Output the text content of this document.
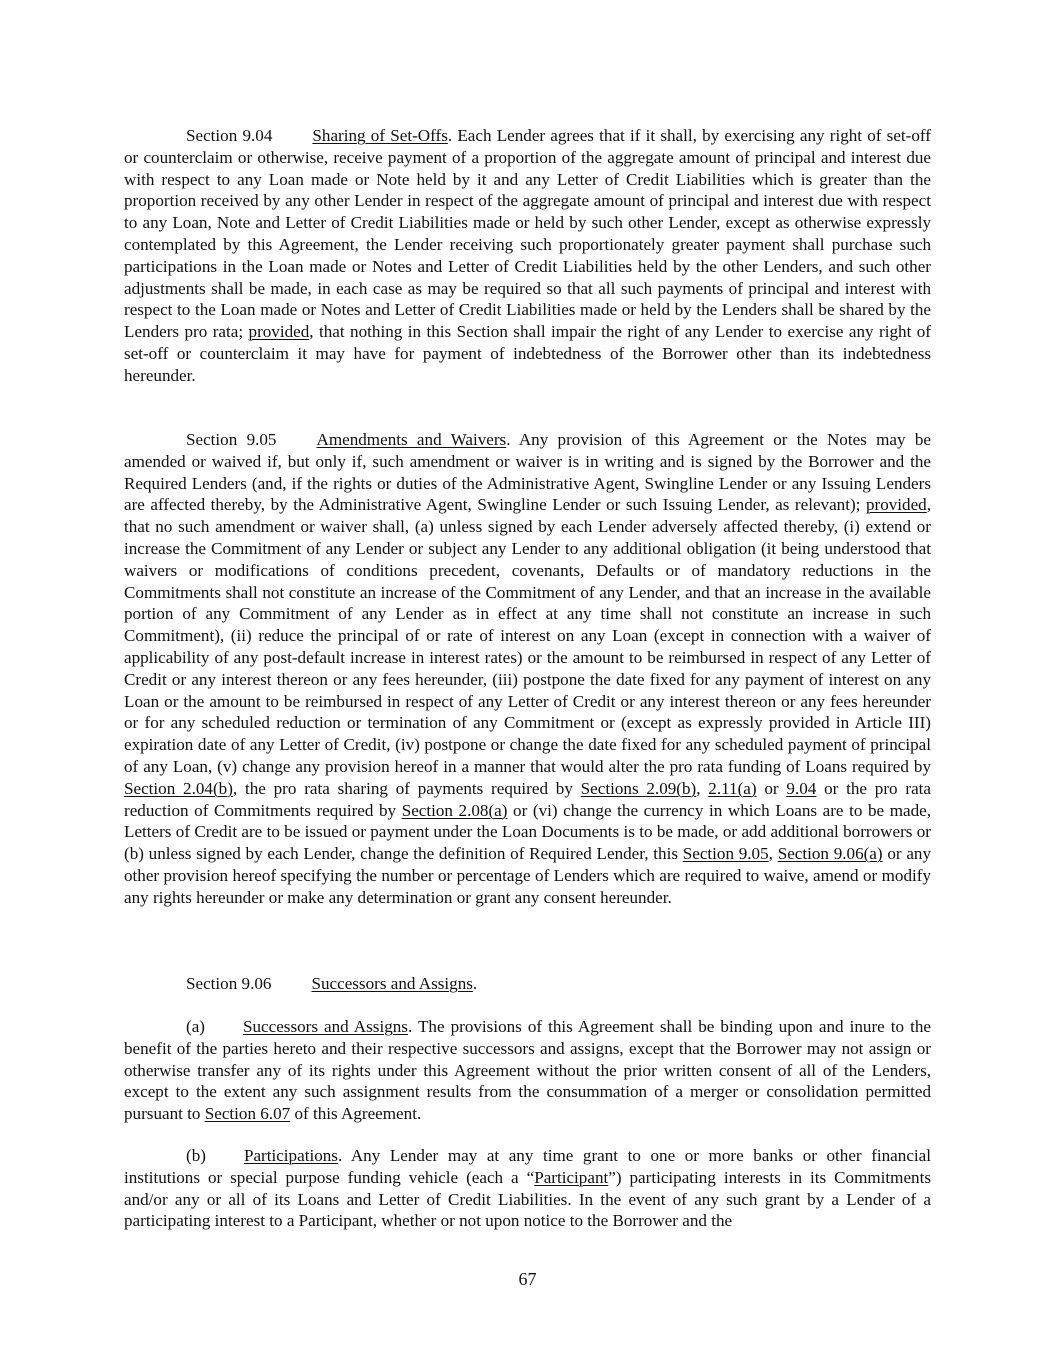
Section 9.04 Sharing of Set-Offs. Each Lender agrees that if it shall, by exercising any right of set-off or counterclaim or otherwise, receive payment of a proportion of the aggregate amount of principal and interest due with respect to any Loan made or Note held by it and any Letter of Credit Liabilities which is greater than the proportion received by any other Lender in respect of the aggregate amount of principal and interest due with respect to any Loan, Note and Letter of Credit Liabilities made or held by such other Lender, except as otherwise expressly contemplated by this Agreement, the Lender receiving such proportionately greater payment shall purchase such participations in the Loan made or Notes and Letter of Credit Liabilities held by the other Lenders, and such other adjustments shall be made, in each case as may be required so that all such payments of principal and interest with respect to the Loan made or Notes and Letter of Credit Liabilities made or held by the Lenders shall be shared by the Lenders pro rata; provided, that nothing in this Section shall impair the right of any Lender to exercise any right of set-off or counterclaim it may have for payment of indebtedness of the Borrower other than its indebtedness hereunder.

Section 9.05 Amendments and Waivers. Any provision of this Agreement or the Notes may be amended or waived if, but only if, such amendment or waiver is in writing and is signed by the Borrower and the Required Lenders (and, if the rights or duties of the Administrative Agent, Swingline Lender or any Issuing Lenders are affected thereby, by the Administrative Agent, Swingline Lender or such Issuing Lender, as relevant); provided, that no such amendment or waiver shall, (a) unless signed by each Lender adversely affected thereby, (i) extend or increase the Commitment of any Lender or subject any Lender to any additional obligation (it being understood that waivers or modifications of conditions precedent, covenants, Defaults or of mandatory reductions in the Commitments shall not constitute an increase of the Commitment of any Lender, and that an increase in the available portion of any Commitment of any Lender as in effect at any time shall not constitute an increase in such Commitment), (ii) reduce the principal of or rate of interest on any Loan (except in connection with a waiver of applicability of any post-default increase in interest rates) or the amount to be reimbursed in respect of any Letter of Credit or any interest thereon or any fees hereunder, (iii) postpone the date fixed for any payment of interest on any Loan or the amount to be reimbursed in respect of any Letter of Credit or any interest thereon or any fees hereunder or for any scheduled reduction or termination of any Commitment or (except as expressly provided in Article III) expiration date of any Letter of Credit, (iv) postpone or change the date fixed for any scheduled payment of principal of any Loan, (v) change any provision hereof in a manner that would alter the pro rata funding of Loans required by Section 2.04(b), the pro rata sharing of payments required by Sections 2.09(b), 2.11(a) or 9.04 or the pro rata reduction of Commitments required by Section 2.08(a) or (vi) change the currency in which Loans are to be made, Letters of Credit are to be issued or payment under the Loan Documents is to be made, or add additional borrowers or (b) unless signed by each Lender, change the definition of Required Lender, this Section 9.05, Section 9.06(a) or any other provision hereof specifying the number or percentage of Lenders which are required to waive, amend or modify any rights hereunder or make any determination or grant any consent hereunder.

Section 9.06 Successors and Assigns.

(a) Successors and Assigns. The provisions of this Agreement shall be binding upon and inure to the benefit of the parties hereto and their respective successors and assigns, except that the Borrower may not assign or otherwise transfer any of its rights under this Agreement without the prior written consent of all of the Lenders, except to the extent any such assignment results from the consummation of a merger or consolidation permitted pursuant to Section 6.07 of this Agreement.

(b) Participations. Any Lender may at any time grant to one or more banks or other financial institutions or special purpose funding vehicle (each a “Participant”) participating interests in its Commitments and/or any or all of its Loans and Letter of Credit Liabilities. In the event of any such grant by a Lender of a participating interest to a Participant, whether or not upon notice to the Borrower and the

67
